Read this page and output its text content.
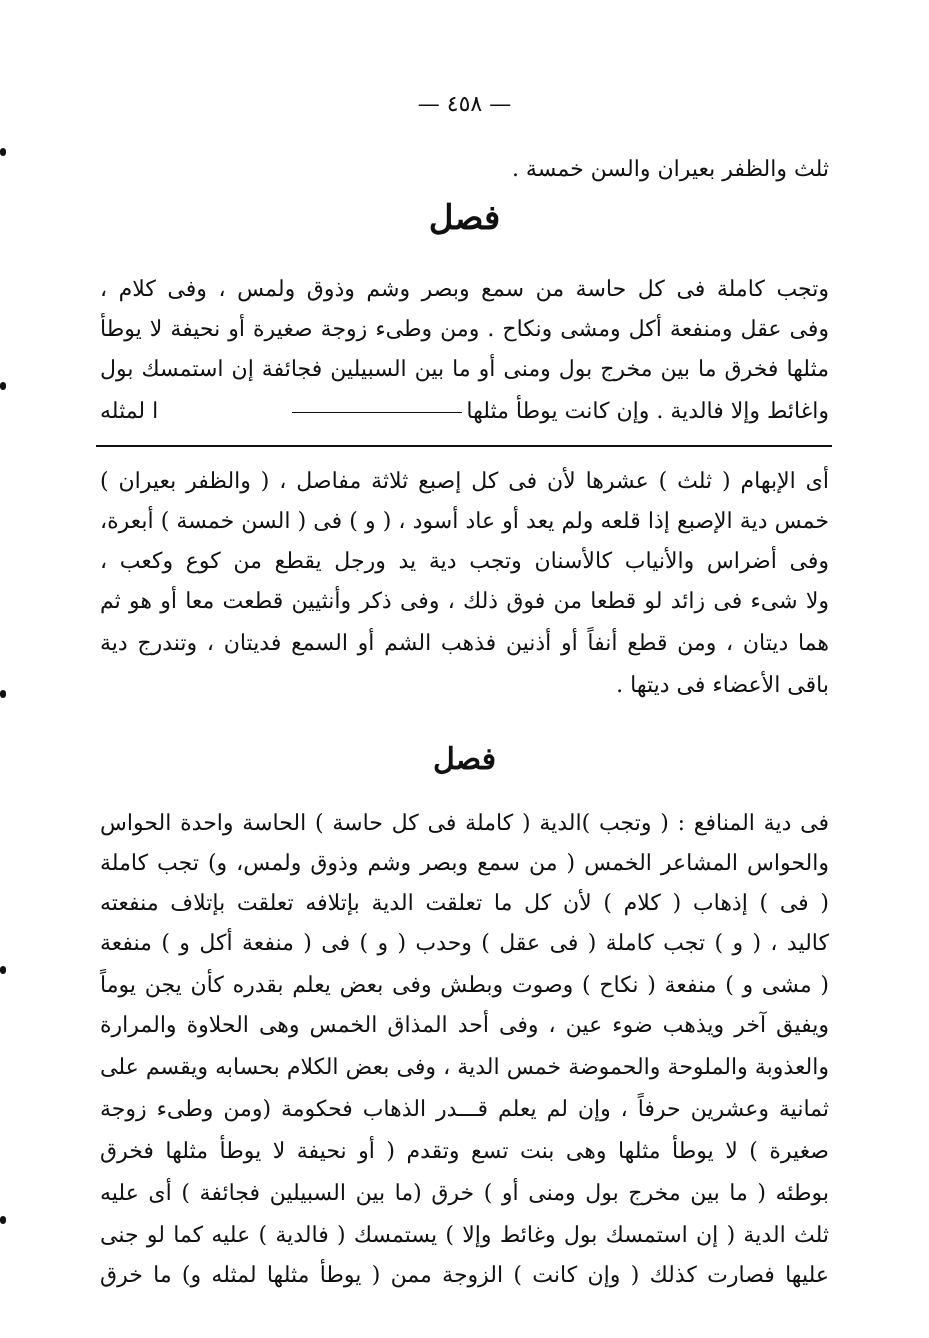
— ٤٥٨ —
ثلث والظفر بعيران والسن خمسة .
فصل
وتجب كاملة فى كل حاسة من سمع وبصر وشم وذوق ولمس ، وفى كلام ،
وفى عقل ومنفعة أكل ومشى ونكاح . ومن وطىء زوجة صغيرة أو نحيفة لا يوطأ
مثلها فخرق ما بين مخرج بول ومنى أو ما بين السبيلين فجائفة إن استمسك بول
واغائط وإلا فالدية . وإن كانت يوطأ مثلها
ا لمثله
أى الإبهام ( ثلث ) عشرها لأن فى كل إصبع ثلاثة مفاصل ، ( والظفر بعيران )
خمس دية الإصبع إذا قلعه ولم يعد أو عاد أسود ، ( و ) فى ( السن خمسة ) أبعرة،
وفى أضراس والأنياب كالأسنان وتجب دية يد ورجل يقطع من كوع وكعب ،
ولا شىء فى زائد لو قطعا من فوق ذلك ، وفى ذكر وأنثيين قطعت معا أو هو ثم
هما ديتان ، ومن قطع أنفاً أو أذنين فذهب الشم أو السمع فديتان ، وتندرج دية
باقى الأعضاء فى ديتها .
فصل
فى دية المنافع : ( وتجب )الدية ( كاملة فى كل حاسة ) الحاسة واحدة الحواس
والحواس المشاعر الخمس ( من سمع وبصر وشم وذوق ولمس، و) تجب كاملة
( فى ) إذهاب ( كلام ) لأن كل ما تعلقت الدية بإتلافه تعلقت بإتلاف منفعته
كاليد ، ( و ) تجب كاملة ( فى عقل ) وحدب ( و ) فى ( منفعة أكل و ) منفعة
( مشى و ) منفعة ( نكاح ) وصوت وبطش وفى بعض يعلم بقدره كأن يجن يوماً
ويفيق آخر ويذهب ضوء عين ، وفى أحد المذاق الخمس وهى الحلاوة والمرارة
والعذوبة والملوحة والحموضة خمس الدية ، وفى بعض الكلام بحسابه ويقسم على
ثمانية وعشرين حرفاً ، وإن لم يعلم قـــدر الذهاب فحكومة (ومن وطىء زوجة
صغيرة ) لا يوطأ مثلها وهى بنت تسع وتقدم ( أو نحيفة لا يوطأ مثلها فخرق
بوطئه ( ما بين مخرج بول ومنى أو ) خرق (ما بين السبيلين فجائفة ) أى عليه
ثلث الدية ( إن استمسك بول وغائط وإلا ) يستمسك ( فالدية ) عليه كما لو جنى
عليها فصارت كذلك ( وإن كانت ) الزوجة ممن ( يوطأ مثلها لمثله و) ما خرق
